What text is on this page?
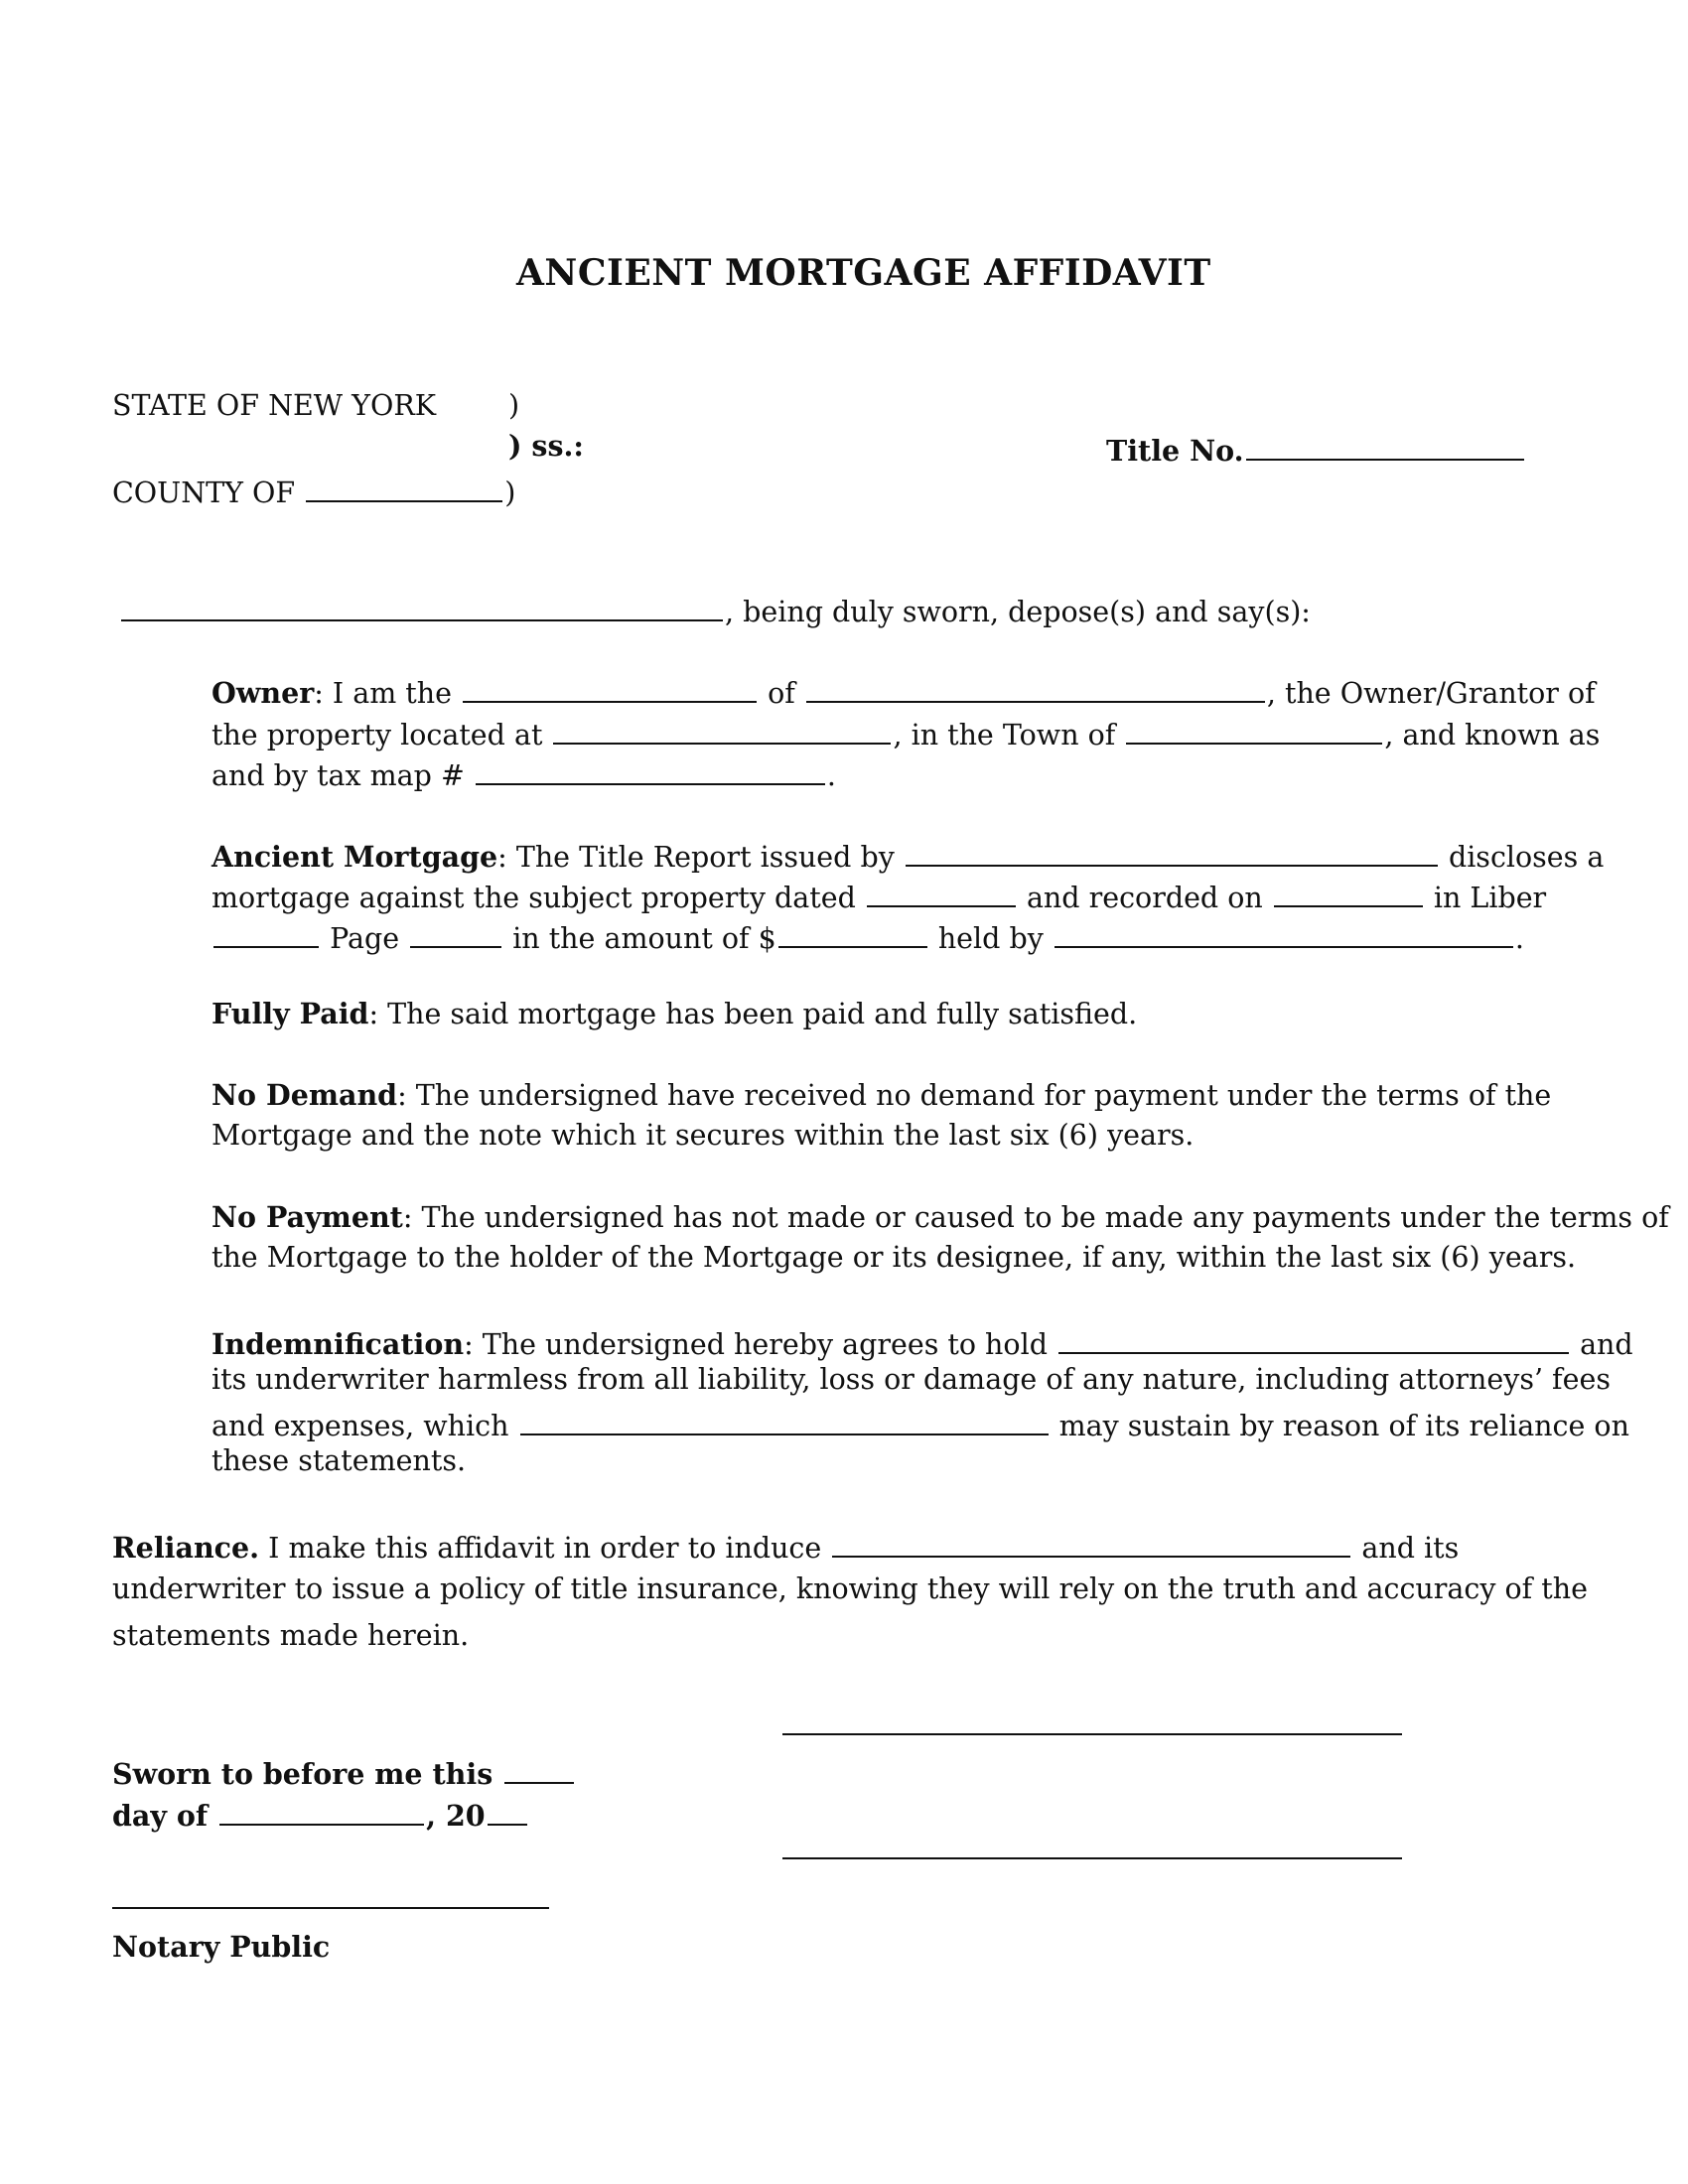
ANCIENT MORTGAGE AFFIDAVIT
STATE OF NEW YORK	)
) ss.:
COUNTY OF	)
Title No.
, being duly sworn, depose(s) and say(s):
Owner: I am the	of	, the Owner/Grantor of
the property located at	, in the Town of	, and known as
and by tax map #	.
Ancient Mortgage: The Title Report issued by	discloses a
mortgage against the subject property dated	and recorded on	in Liber
Page	in the amount of $	held by	.
Fully Paid: The said mortgage has been paid and fully satisfied.
No Demand: The undersigned have received no demand for payment under the terms of the
Mortgage and the note which it secures within the last six (6) years.
No Payment: The undersigned has not made or caused to be made any payments under the terms of
the Mortgage to the holder of the Mortgage or its designee, if any, within the last six (6) years.
Indemnification: The undersigned hereby agrees to hold	and
its underwriter harmless from all liability, loss or damage of any nature, including attorneys’ fees
and expenses, which	may sustain by reason of its reliance on
these statements.
Reliance. I make this affidavit in order to induce	and its
underwriter to issue a policy of title insurance, knowing they will rely on the truth and accuracy of the
statements made herein.
Sworn to before me this
day of	, 20
Notary Public
